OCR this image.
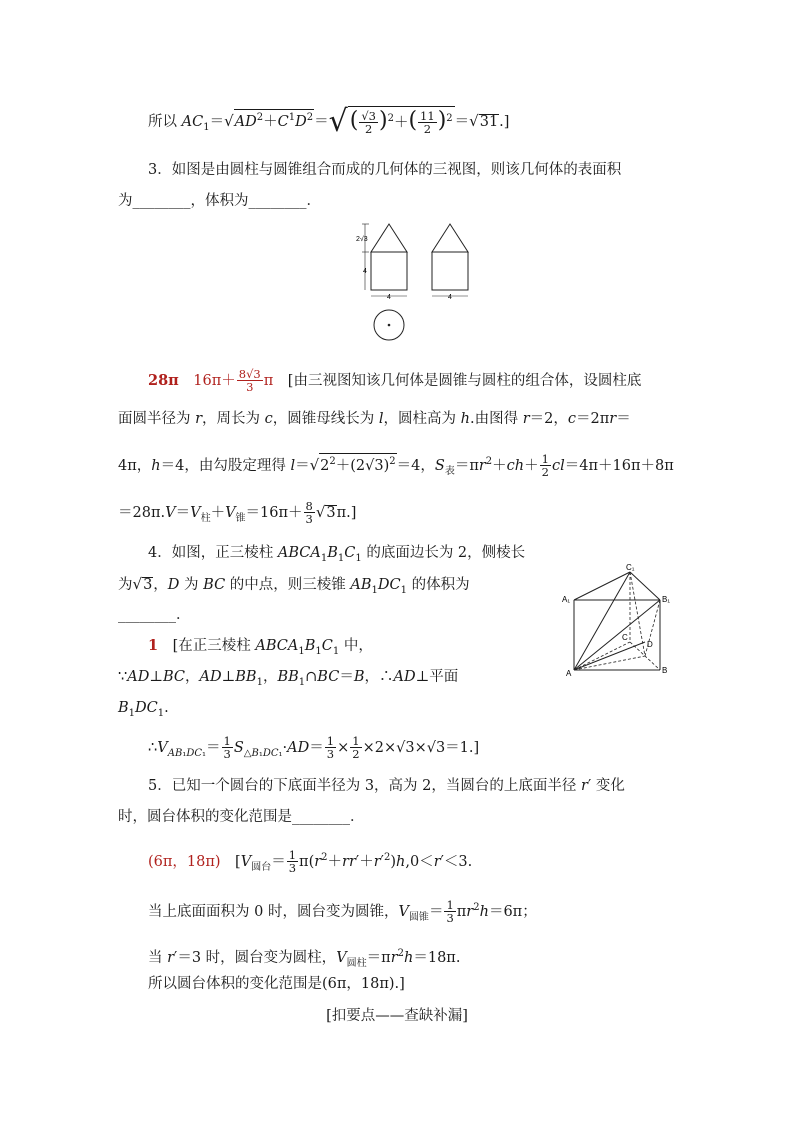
所以 $AC_1=√AD^2+C^1D^2=√( \frac{√3}{2} )^2+( \frac{11}{2} )^2 =√31$.]
3．如图是由圆柱与圆锥组合而成的几何体的三视图，则该几何体的表面积
为________，体积为________．
2√3
4
4	4
28π　 $16\pi+ \frac{8√3}{3}$ π　[由三视图知该几何体是圆锥与圆柱的组合体，设圆柱底
面圆半径为 r，周长为 c，圆锥母线长为 l，圆柱高为 h.由图得 r＝2，c＝2πr＝
4π，h＝4，由勾股定理得 $l=√2^2+(2√3)^2=4$，$S_表=\pi r^2+ch+ \frac{1}{2} cl=4\pi+16\pi+8\pi$
$=28\pi.V=V_柱+V_锥=16\pi+ \frac{8}{3} √3\pi$.]
4．如图，正三棱柱 $ABCA_1B_1C_1$ 的底面边长为 2，侧棱长
为√3，D 为 BC 的中点，则三棱锥 $AB_1DC_1$ 的体积为
________．
C₁
A₁	B₁
C
D
A	B
1　[在正三棱柱 $ABCA_1B_1C_1$ 中，
∵AD⊥BC，$AD\perp BB_1$，$BB_1\cap BC=B$，∴AD⊥平面
$B_1DC_1$.
$\therefore V_{AB_1DC_1}= \frac{1}{3} S_{\triangle B_1DC_1}\cdot AD= \frac{1}{3} \times \frac{1}{2} \times 2\times√3\times√3=1$.]
5．已知一个圆台的下底面半径为 3，高为 2，当圆台的上底面半径 r′ 变化
时，圆台体积的变化范围是________．
(6π，18π)　[$V_{圆台}= \frac{1}{3} \pi(r^2+rr'+r'^2)h,0<r'<3$.
当上底面面积为 0 时，圆台变为圆锥，$V_{圆锥}= \frac{1}{3} \pi r^2h=6\pi$；
当 r′＝3 时，圆台变为圆柱，$V_{圆柱}=\pi r^2h=18\pi$.
所以圆台体积的变化范围是(6π，18π).]
[扣要点——查缺补漏]
